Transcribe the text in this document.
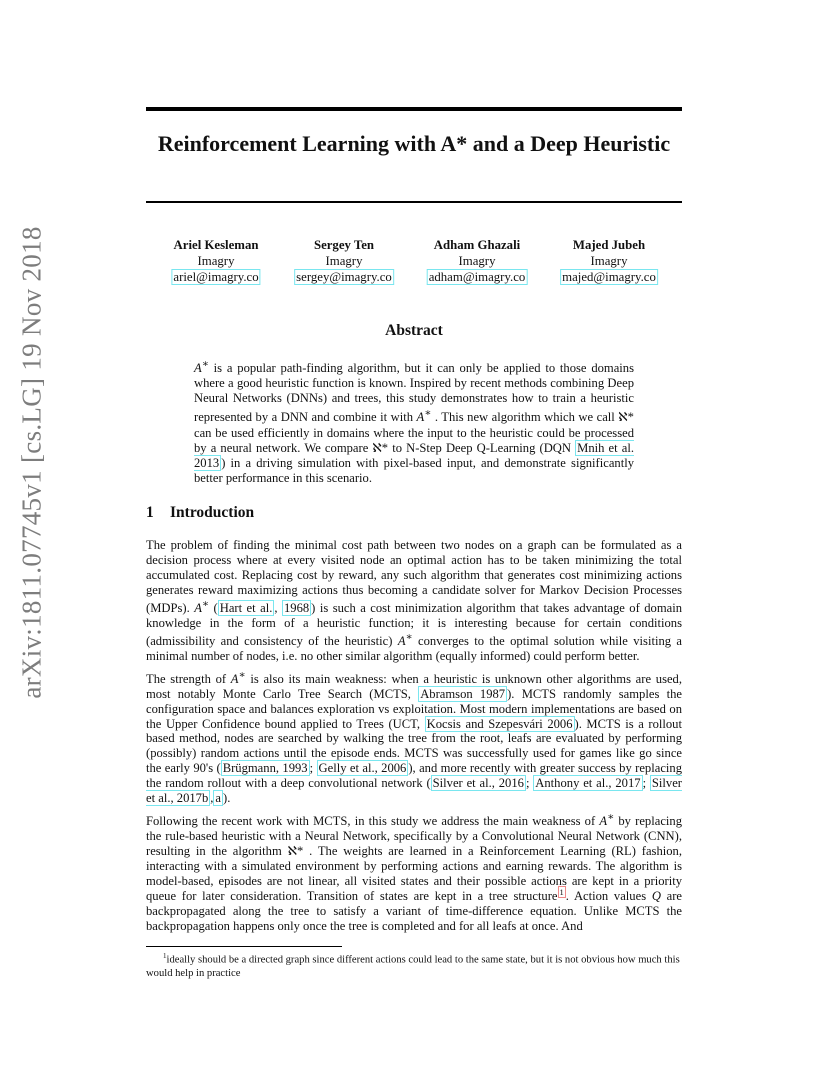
arXiv:1811.07745v1 [cs.LG] 19 Nov 2018
Reinforcement Learning with A* and a Deep Heuristic
Ariel Kesleman
Imagry
ariel@imagry.co
Sergey Ten
Imagry
sergey@imagry.co
Adham Ghazali
Imagry
adham@imagry.co
Majed Jubeh
Imagry
majed@imagry.co
Abstract
A∗ is a popular path-finding algorithm, but it can only be applied to those domains where a good heuristic function is known. Inspired by recent methods combining Deep Neural Networks (DNNs) and trees, this study demonstrates how to train a heuristic represented by a DNN and combine it with A∗ . This new algorithm which we call ℵ* can be used efficiently in domains where the input to the heuristic could be processed by a neural network. We compare ℵ* to N-Step Deep Q-Learning (DQN Mnih et al. 2013 ) in a driving simulation with pixel-based input, and demonstrate significantly better performance in this scenario.
1 Introduction

The problem of finding the minimal cost path between two nodes on a graph can be formulated as a decision process where at every visited node an optimal action has to be taken minimizing the total accumulated cost. Replacing cost by reward, any such algorithm that generates cost minimizing actions generates reward maximizing actions thus becoming a candidate solver for Markov Decision Processes (MDPs). A∗ ( Hart et al. , 1968 ) is such a cost minimization algorithm that takes advantage of domain knowledge in the form of a heuristic function; it is interesting because for certain conditions (admissibility and consistency of the heuristic) A∗ converges to the optimal solution while visiting a minimal number of nodes, i.e. no other similar algorithm (equally informed) could perform better.

The strength of A∗ is also its main weakness: when a heuristic is unknown other algorithms are used, most notably Monte Carlo Tree Search (MCTS, Abramson 1987 ). MCTS randomly samples the configuration space and balances exploration vs exploitation. Most modern implementations are based on the Upper Confidence bound applied to Trees (UCT, Kocsis and Szepesvári 2006 ). MCTS is a rollout based method, nodes are searched by walking the tree from the root, leafs are evaluated by performing (possibly) random actions until the episode ends. MCTS was successfully used for games like go since the early 90's ( Brügmann, 1993 ; Gelly et al., 2006 ), and more recently with greater success by replacing the random rollout with a deep convolutional network ( Silver et al., 2016 ; Anthony et al., 2017 ; Silver et al., 2017b , a ).

Following the recent work with MCTS, in this study we address the main weakness of A∗ by replacing the rule-based heuristic with a Neural Network, specifically by a Convolutional Neural Network (CNN), resulting in the algorithm ℵ* . The weights are learned in a Reinforcement Learning (RL) fashion, interacting with a simulated environment by performing actions and earning rewards. The algorithm is model-based, episodes are not linear, all visited states and their possible actions are kept in a priority queue for later consideration. Transition of states are kept in a tree structure $^1$ . Action values Q are backpropagated along the tree to satisfy a variant of time-difference equation. Unlike MCTS the backpropagation happens only once the tree is completed and for all leafs at once. And

$^1$ideally should be a directed graph since different actions could lead to the same state, but it is not obvious how much this would help in practice
